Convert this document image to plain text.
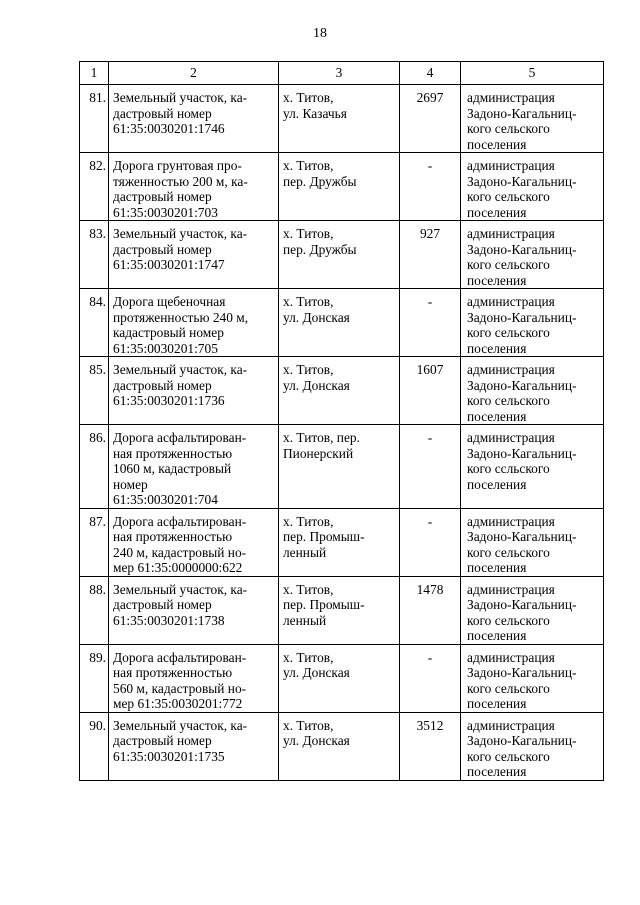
18
1	2	3	4	5
81.	Земельный участок, ка-
дастровый номер
61:35:0030201:1746	х. Титов,
ул. Казачья	2697	администрация
Задоно-Кагальниц-
кого сельского
поселения

82.	Дорога грунтовая про-
тяженностью 200 м, ка-
дастровый номер
61:35:0030201:703	х. Титов,
пер. Дружбы	-	администрация
Задоно-Кагальниц-
кого сельского
поселения

83.	Земельный участок, ка-
дастровый номер
61:35:0030201:1747	х. Титов,
пер. Дружбы	927	администрация
Задоно-Кагальниц-
кого сельского
поселения

84.	Дорога щебеночная
протяженностью 240 м,
кадастровый номер
61:35:0030201:705	х. Титов,
ул. Донская	-	администрация
Задоно-Кагальниц-
кого сельского
поселения

85.	Земельный участок, ка-
дастровый номер
61:35:0030201:1736	х. Титов,
ул. Донская	1607	администрация
Задоно-Кагальниц-
кого сельского
поселения

86.	Дорога асфальтирован-
ная протяженностью
1060 м, кадастровый
номер
61:35:0030201:704	х. Титов, пер.
Пионерский	-	администрация
Задоно-Кагальниц-
кого ссльского
поселения

87.	Дорога асфальтирован-
ная протяженностью
240 м, кадастровый но-
мер 61:35:0000000:622	х. Титов,
пер. Промыш-
ленный	-	администрация
Задоно-Кагальниц-
кого сельского
поселения

88.	Земельный участок, ка-
дастровый номер
61:35:0030201:1738	х. Титов,
пер. Промыш-
ленный	1478	администрация
Задоно-Кагальниц-
кого сельского
поселения

89.	Дорога асфальтирован-
ная протяженностью
560 м, кадастровый но-
мер 61:35:0030201:772	х. Титов,
ул. Донская	-	администрация
Задоно-Кагальниц-
кого сельского
поселения

90.	Земельный участок, ка-
дастровый номер
61:35:0030201:1735	х. Титов,
ул. Донская	3512	администрация
Задоно-Кагальниц-
кого сельского
поселения
